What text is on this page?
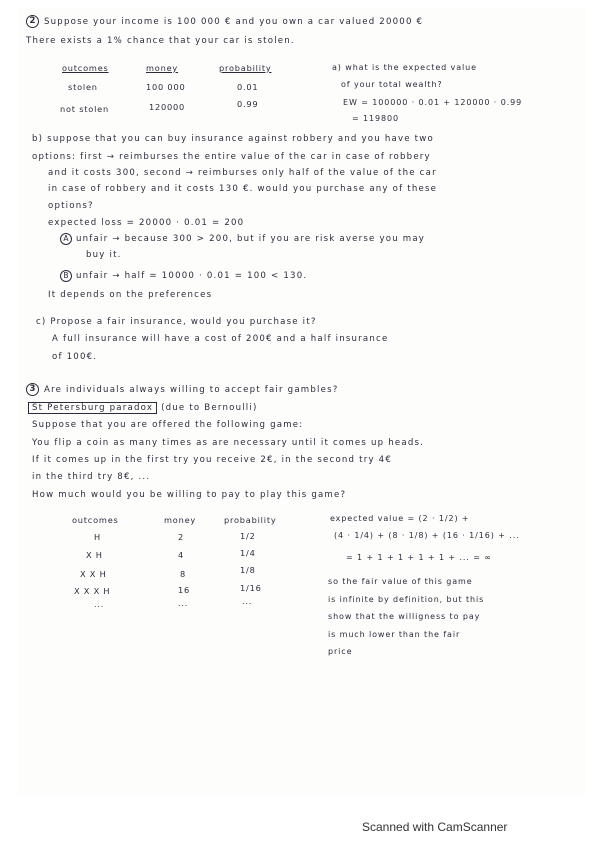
2 Suppose your income is 100 000 € and you own a car valued 20000 €
There exists a 1% chance that your car is stolen.
outcomes	money	probability
stolen	100 000	0.01
not stolen	120000	0.99
a) what is the expected value
of your total wealth?
EW = 100000 · 0.01 + 120000 · 0.99
= 119800
b) suppose that you can buy insurance against robbery and you have two
options: first → reimburses the entire value of the car in case of robbery
and it costs 300, second → reimburses only half of the value of the car
in case of robbery and it costs 130 €. would you purchase any of these
options?
expected loss = 20000 · 0.01 = 200
A unfair → because 300 > 200, but if you are risk averse you may
buy it.
B unfair → half = 10000 · 0.01 = 100 < 130.
It depends on the preferences
c) Propose a fair insurance, would you purchase it?
A full insurance will have a cost of 200€ and a half insurance
of 100€.
3 Are individuals always willing to accept fair gambles?
St Petersburg paradox (due to Bernoulli)
Suppose that you are offered the following game:
You flip a coin as many times as are necessary until it comes up heads.
If it comes up in the first try you receive 2€, in the second try 4€
in the third try 8€, ...
How much would you be willing to pay to play this game?
outcomes	money	probability
H	2	1/2
X H	4	1/4
X X H	8	1/8
X X X H	16	1/16
...	...	...
expected value = (2 · 1/2) +
(4 · 1/4) + (8 · 1/8) + (16 · 1/16) + ...
= 1 + 1 + 1 + 1 + 1 + ... = ∞
so the fair value of this game
is infinite by definition, but this
show that the willigness to pay
is much lower than the fair
price
Scanned with CamScanner
